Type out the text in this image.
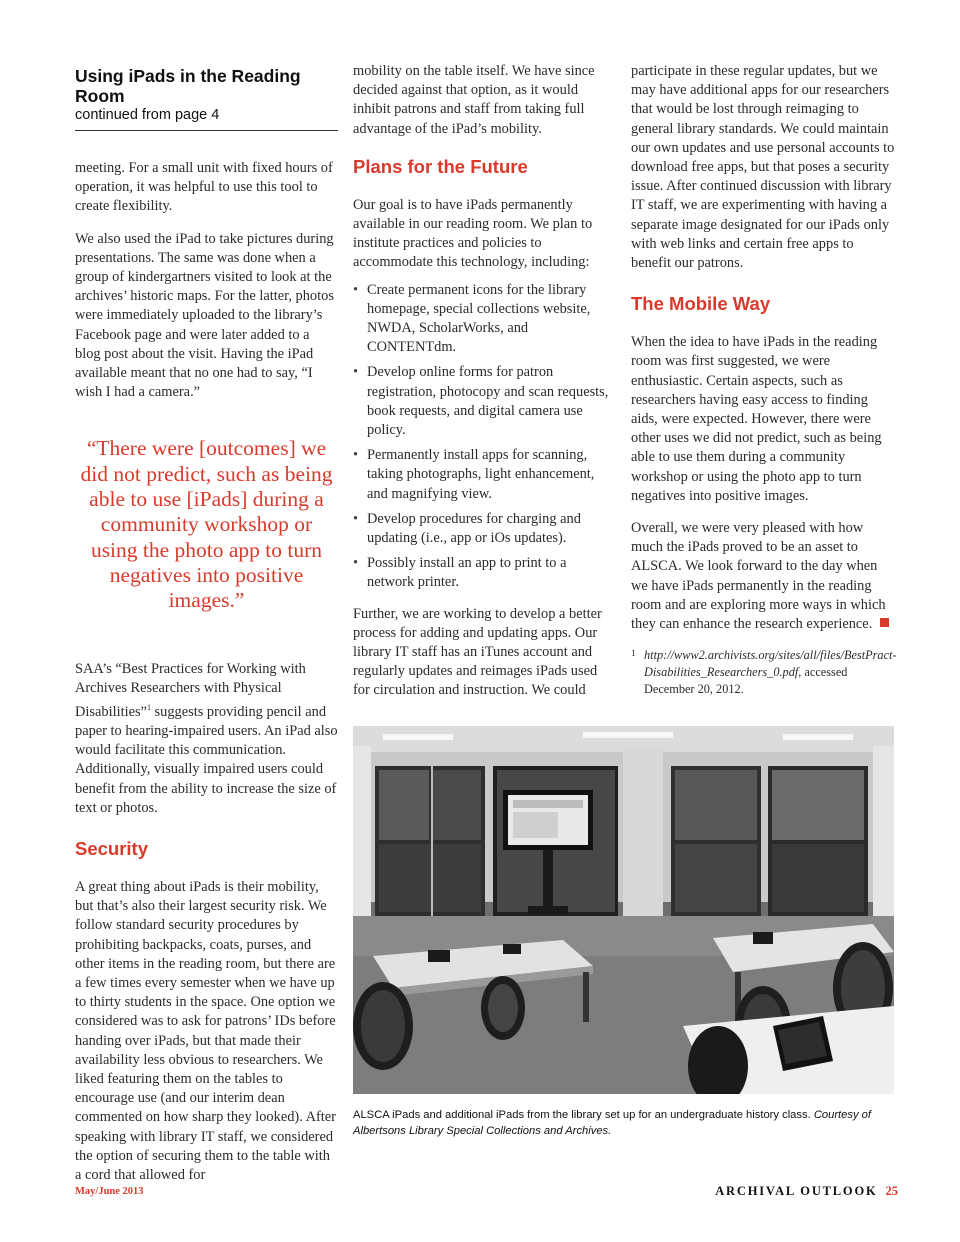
Using iPads in the Reading Room
continued from page 4

meeting. For a small unit with fixed hours of operation, it was helpful to use this tool to create flexibility.

We also used the iPad to take pictures during presentations. The same was done when a group of kindergartners visited to look at the archives’ historic maps. For the latter, photos were immediately uploaded to the library’s Facebook page and were later added to a blog post about the visit. Having the iPad available meant that no one had to say, “I wish I had a camera.”

“There were [outcomes] we did not predict, such as being able to use [iPads] during a community workshop or using the photo app to turn negatives into positive images.”

SAA’s “Best Practices for Working with Archives Researchers with Physical Disabilities”$^1$ suggests providing pencil and paper to hearing-impaired users. An iPad also would facilitate this communication. Additionally, visually impaired users could benefit from the ability to increase the size of text or photos.

Security

A great thing about iPads is their mobility, but that’s also their largest security risk. We follow standard security procedures by prohibiting backpacks, coats, purses, and other items in the reading room, but there are a few times every semester when we have up to thirty students in the space. One option we considered was to ask for patrons’ IDs before handing over iPads, but that made their availability less obvious to researchers. We liked featuring them on the tables to encourage use (and our interim dean commented on how sharp they looked). After speaking with library IT staff, we considered the option of securing them to the table with a cord that allowed for

mobility on the table itself. We have since decided against that option, as it would inhibit patrons and staff from taking full advantage of the iPad’s mobility.

Plans for the Future

Our goal is to have iPads permanently available in our reading room. We plan to institute practices and policies to accommodate this technology, including:

• Create permanent icons for the library homepage, special collections website, NWDA, ScholarWorks, and CONTENTdm.
• Develop online forms for patron registration, photocopy and scan requests, book requests, and digital camera use policy.
• Permanently install apps for scanning, taking photographs, light enhancement, and magnifying view.
• Develop procedures for charging and updating (i.e., app or iOs updates).
• Possibly install an app to print to a network printer.

Further, we are working to develop a better process for adding and updating apps. Our library IT staff has an iTunes account and regularly updates and reimages iPads used for circulation and instruction. We could

participate in these regular updates, but we may have additional apps for our researchers that would be lost through reimaging to general library standards. We could maintain our own updates and use personal accounts to download free apps, but that poses a security issue. After continued discussion with library IT staff, we are experimenting with having a separate image designated for our iPads only with web links and certain free apps to benefit our patrons.

The Mobile Way

When the idea to have iPads in the reading room was first suggested, we were enthusiastic. Certain aspects, such as researchers having easy access to finding aids, were expected. However, there were other uses we did not predict, such as being able to use them during a community workshop or using the photo app to turn negatives into positive images.

Overall, we were very pleased with how much the iPads proved to be an asset to ALSCA. We look forward to the day when we have iPads permanently in the reading room and are exploring more ways in which they can enhance the research experience.

1 http://www2.archivists.org/sites/all/files/BestPract-Disabilities_Researchers_0.pdf, accessed December 20, 2012.
ALSCA iPads and additional iPads from the library set up for an undergraduate history class. Courtesy of Albertsons Library Special Collections and Archives.
May/June 2013	ARCHIVAL OUTLOOK 25
